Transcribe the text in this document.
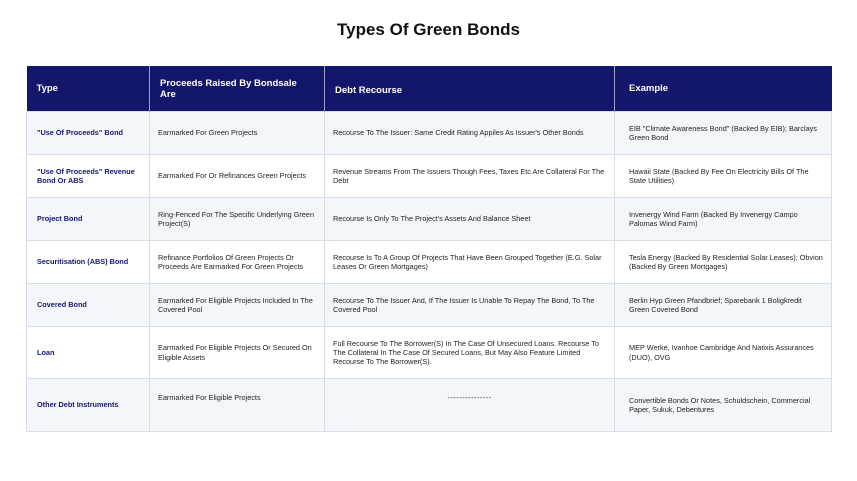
Types Of Green Bonds
Type	Proceeds Raised By Bondsale Are	Debt Recourse	Example
"Use Of Proceeds" Bond	Earmarked For Green Projects	Recourse To The Issuer: Same Credit Rating Appiles As Issuer's Other Bonds	EIB "Climate Awareness Bond" (Backed By EIB); Barclays Green Bond
"Use Of Proceeds" Revenue Bond Or ABS	Earmarked For Or Refinances Green Projects	Revenue Streams From The Issuers Though Fees, Taxes Etc Are Collateral For The Debt	Hawaii State (Backed By Fee On Electricity Bills Of The State Utilities)
Project Bond	Ring-Fenced For The Specific Underlying Green Project(S)	Recourse Is Only To The Project's Assets And Balance Sheet	Invenergy Wind Farm (Backed By Invenergy Campo Palomas Wind Farm)
Securitisation (ABS) Bond	Refinance Portfolios Of Green Projects Or Proceeds Are Earmarked For Green Projects	Recourse Is To A Group Of Projects That Have Been Grouped Together (E.G. Solar Leases Or Green Mortgages)	Tesla Energy (Backed By Residential Solar Leases); Obvion (Backed By Green Mortgages)
Covered Bond	Earmarked For Eligible Projects Included In The Covered Pool	Recourse To The Issuer And, If The Issuer Is Unable To Repay The Bond, To The Covered Pool	Berlin Hyp Green Pfandbrief; Sparebank 1 Boligkredit Green Covered Bond
Loan	Earmarked For Eligible Projects Or Secured On Eligible Assets	Full Recourse To The Borrower(S) In The Case Of Unsecured Loans. Recourse To The Collateral In The Case Of Secured Loans, But May Also Feature Limited Recourse To The Borrower(S).	MEP Werke, Ivanhoe Cambridge And Natixis Assurances (DUO), OVG
Other Debt Instruments	Earmarked For Eligible Projects	---------------	Convertible Bonds Or Notes, Schuldschein, Commercial Paper, Sukuk, Debentures
